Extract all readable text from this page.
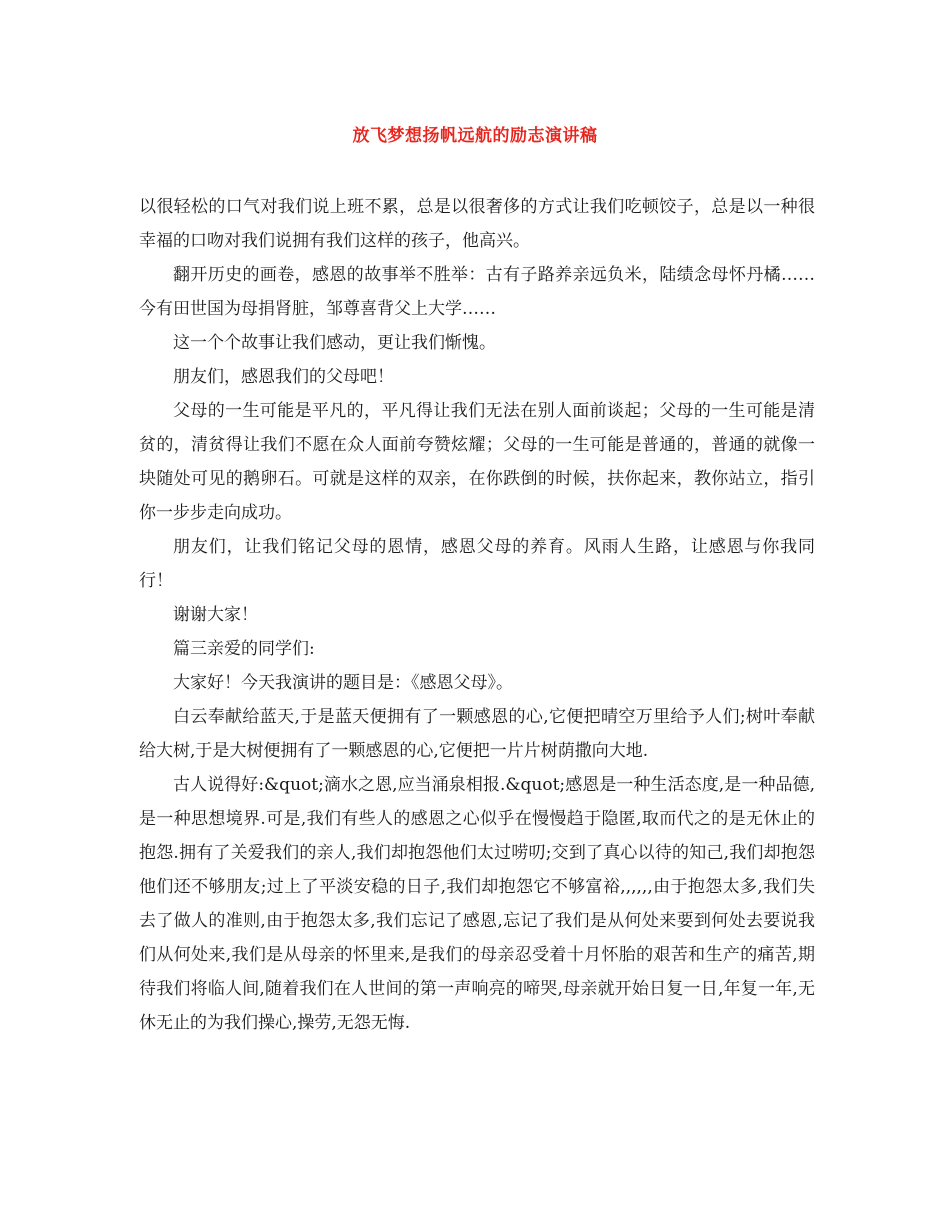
放飞梦想扬帆远航的励志演讲稿

以很轻松的口气对我们说上班不累，总是以很奢侈的方式让我们吃顿饺子，总是以一种很幸福的口吻对我们说拥有我们这样的孩子，他高兴。

翻开历史的画卷，感恩的故事举不胜举：古有子路养亲远负米，陆绩念母怀丹橘……今有田世国为母捐肾脏，邹尊喜背父上大学……

这一个个故事让我们感动，更让我们惭愧。

朋友们，感恩我们的父母吧！

父母的一生可能是平凡的，平凡得让我们无法在别人面前谈起；父母的一生可能是清贫的，清贫得让我们不愿在众人面前夸赞炫耀；父母的一生可能是普通的，普通的就像一块随处可见的鹅卵石。可就是这样的双亲，在你跌倒的时候，扶你起来，教你站立，指引你一步步走向成功。

朋友们，让我们铭记父母的恩情，感恩父母的养育。风雨人生路，让感恩与你我同行！

谢谢大家！

篇三亲爱的同学们:

大家好！今天我演讲的题目是：《感恩父母》。

白云奉献给蓝天,于是蓝天便拥有了一颗感恩的心,它便把晴空万里给予人们;树叶奉献给大树,于是大树便拥有了一颗感恩的心,它便把一片片树荫撒向大地.

古人说得好:&quot;滴水之恩,应当涌泉相报.&quot;感恩是一种生活态度,是一种品德,是一种思想境界.可是,我们有些人的感恩之心似乎在慢慢趋于隐匿,取而代之的是无休止的抱怨.拥有了关爱我们的亲人,我们却抱怨他们太过唠叨;交到了真心以待的知己,我们却抱怨他们还不够朋友;过上了平淡安稳的日子,我们却抱怨它不够富裕,,,,,,由于抱怨太多,我们失去了做人的准则,由于抱怨太多,我们忘记了感恩,忘记了我们是从何处来要到何处去要说我们从何处来,我们是从母亲的怀里来,是我们的母亲忍受着十月怀胎的艰苦和生产的痛苦,期待我们将临人间,随着我们在人世间的第一声响亮的啼哭,母亲就开始日复一日,年复一年,无休无止的为我们操心,操劳,无怨无悔.
